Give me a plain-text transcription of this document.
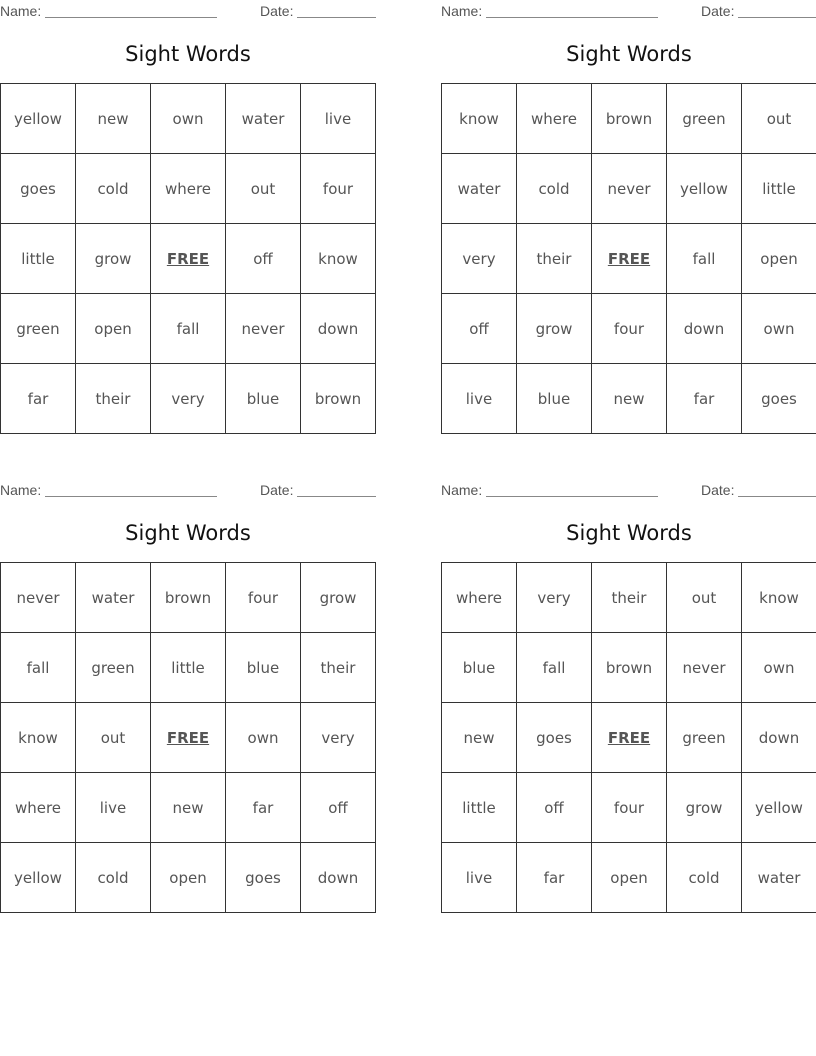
Name:	Date:
Sight Words
yellow	new	own	water	live
goes	cold	where	out	four
little	grow	FREE	off	know
green	open	fall	never	down
far	their	very	blue	brown
Name:	Date:
Sight Words
know	where	brown	green	out
water	cold	never	yellow	little
very	their	FREE	fall	open
off	grow	four	down	own
live	blue	new	far	goes
Name:	Date:
Sight Words
never	water	brown	four	grow
fall	green	little	blue	their
know	out	FREE	own	very
where	live	new	far	off
yellow	cold	open	goes	down
Name:	Date:
Sight Words
where	very	their	out	know
blue	fall	brown	never	own
new	goes	FREE	green	down
little	off	four	grow	yellow
live	far	open	cold	water
